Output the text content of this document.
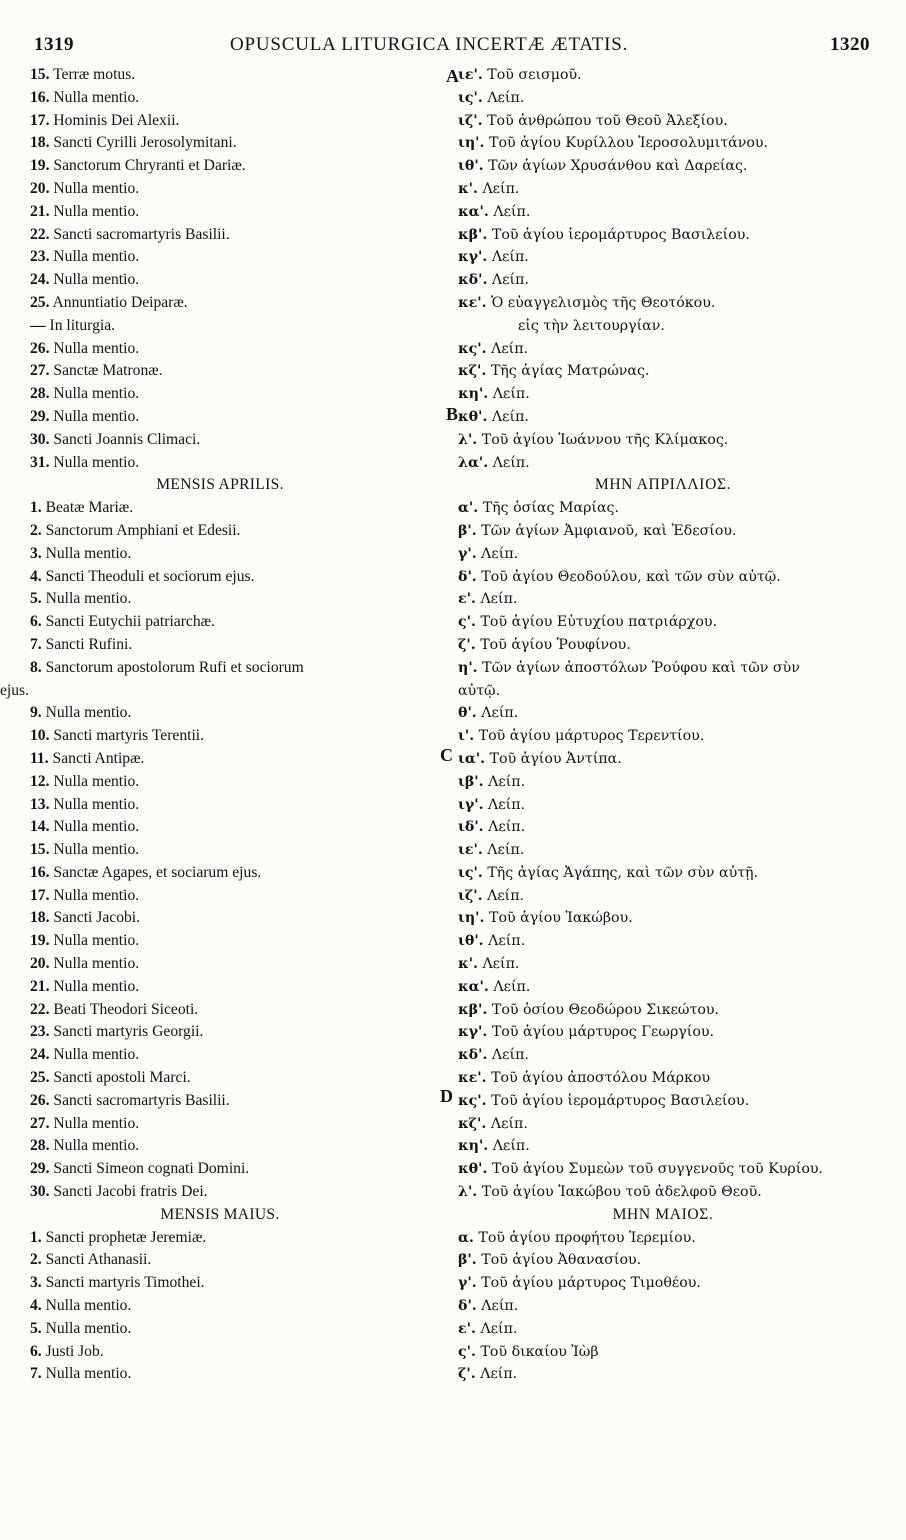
1319	OPUSCULA LITURGICA INCERTÆ ÆTATIS.	1320
15. Terræ motus.
16. Nulla mentio.
17. Hominis Dei Alexii.
18. Sancti Cyrilli Jerosolymitani.
19. Sanctorum Chryranti et Dariæ.
20. Nulla mentio.
21. Nulla mentio.
22. Sancti sacromartyris Basilii.
23. Nulla mentio.
24. Nulla mentio.
25. Annuntiatio Deiparæ.
— In liturgia.
26. Nulla mentio.
27. Sanctæ Matronæ.
28. Nulla mentio.
29. Nulla mentio.
30. Sancti Joannis Climaci.
31. Nulla mentio.
MENSIS APRILIS.
1. Beatæ Mariæ.
2. Sanctorum Amphiani et Edesii.
3. Nulla mentio.
4. Sancti Theoduli et sociorum ejus.
5. Nulla mentio.
6. Sancti Eutychii patriarchæ.
7. Sancti Rufini.
8. Sanctorum apostolorum Rufi et sociorum
ejus.
9. Nulla mentio.
10. Sancti martyris Terentii.
11. Sancti Antipæ.
12. Nulla mentio.
13. Nulla mentio.
14. Nulla mentio.
15. Nulla mentio.
16. Sanctæ Agapes, et sociarum ejus.
17. Nulla mentio.
18. Sancti Jacobi.
19. Nulla mentio.
20. Nulla mentio.
21. Nulla mentio.
22. Beati Theodori Siceoti.
23. Sancti martyris Georgii.
24. Nulla mentio.
25. Sancti apostoli Marci.
26. Sancti sacromartyris Basilii.
27. Nulla mentio.
28. Nulla mentio.
29. Sancti Simeon cognati Domini.
30. Sancti Jacobi fratris Dei.
MENSIS MAIUS.
1. Sancti prophetæ Jeremiæ.
2. Sancti Athanasii.
3. Sancti martyris Timothei.
4. Nulla mentio.
5. Nulla mentio.
6. Justi Job.
7. Nulla mentio.
ιε'. Τοῦ σεισμοῦ.
ις'. Λείπ.
ιζ'. Τοῦ ἀνθρώπου τοῦ Θεοῦ Ἀλεξίου.
ιη'. Τοῦ ἁγίου Κυρίλλου Ἱεροσολυμιτάνου.
ιθ'. Τῶν ἁγίων Χρυσάνθου καὶ Δαρείας.
κ'. Λείπ.
κα'. Λείπ.
κβ'. Τοῦ ἁγίου ἱερομάρτυρος Βασιλείου.
κγ'. Λείπ.
κδ'. Λείπ.
κε'. Ὁ εὐαγγελισμὸς τῆς Θεοτόκου.
εἰς τὴν λειτουργίαν.
κς'. Λείπ.
κζ'. Τῆς ἁγίας Ματρώνας.
κη'. Λείπ.
κθ'. Λείπ.
λ'. Τοῦ ἁγίου Ἰωάννου τῆς Κλίμακος.
λα'. Λείπ.
ΜΗΝ ΑΠΡΙΛΛΙΟΣ.
α'. Τῆς ὁσίας Μαρίας.
β'. Τῶν ἁγίων Ἀμφιανοῦ, καὶ Ἐδεσίου.
γ'. Λείπ.
δ'. Τοῦ ἁγίου Θεοδούλου, καὶ τῶν σὺν αὐτῷ.
ε'. Λείπ.
ς'. Τοῦ ἁγίου Εὐτυχίου πατριάρχου.
ζ'. Τοῦ ἁγίου Ῥουφίνου.
η'. Τῶν ἁγίων ἀποστόλων Ῥούφου καὶ τῶν σὺν
αὐτῷ.
θ'. Λείπ.
ι'. Τοῦ ἁγίου μάρτυρος Τερεντίου.
ια'. Τοῦ ἁγίου Ἀντίπα.
ιβ'. Λείπ.
ιγ'. Λείπ.
ιδ'. Λείπ.
ιε'. Λείπ.
ις'. Τῆς ἁγίας Ἀγάπης, καὶ τῶν σὺν αὐτῇ.
ιζ'. Λείπ.
ιη'. Τοῦ ἁγίου Ἰακώβου.
ιθ'. Λείπ.
κ'. Λείπ.
κα'. Λείπ.
κβ'. Τοῦ ὁσίου Θεοδώρου Σικεώτου.
κγ'. Τοῦ ἁγίου μάρτυρος Γεωργίου.
κδ'. Λείπ.
κε'. Τοῦ ἁγίου ἀποστόλου Μάρκου
κς'. Τοῦ ἁγίου ἱερομάρτυρος Βασιλείου.
κζ'. Λείπ.
κη'. Λείπ.
κθ'. Τοῦ ἁγίου Συμεὼν τοῦ συγγενοῦς τοῦ Κυρίου.
λ'. Τοῦ ἁγίου Ἰακώβου τοῦ ἀδελφοῦ Θεοῦ.
ΜΗΝ ΜΑΙΟΣ.
α. Τοῦ ἁγίου προφήτου Ἱερεμίου.
β'. Τοῦ ἁγίου Ἀθανασίου.
γ'. Τοῦ ἁγίου μάρτυρος Τιμοθέου.
δ'. Λείπ.
ε'. Λείπ.
ς'. Τοῦ δικαίου Ἰὼβ
ζ'. Λείπ.
A
B
C
D
